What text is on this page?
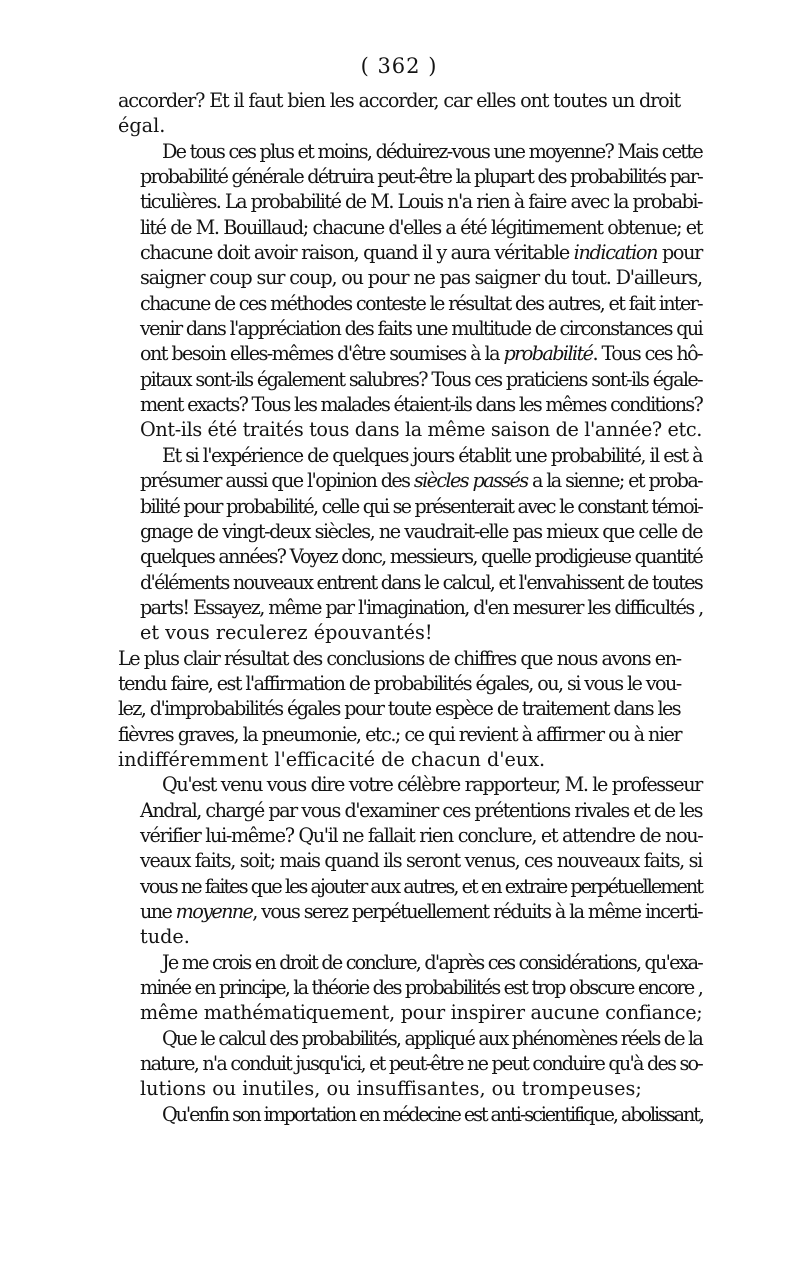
( 362 )
accorder? Et il faut bien les accorder, car elles ont toutes un droit
égal.
De tous ces plus et moins, déduirez-vous une moyenne? Mais cette
probabilité générale détruira peut-être la plupart des probabilités par-
ticulières. La probabilité de M. Louis n'a rien à faire avec la probabi-
lité de M. Bouillaud; chacune d'elles a été légitimement obtenue; et
chacune doit avoir raison, quand il y aura véritable indication pour
saigner coup sur coup, ou pour ne pas saigner du tout. D'ailleurs,
chacune de ces méthodes conteste le résultat des autres, et fait inter-
venir dans l'appréciation des faits une multitude de circonstances qui
ont besoin elles-mêmes d'être soumises à la probabilité. Tous ces hô-
pitaux sont-ils également salubres? Tous ces praticiens sont-ils égale-
ment exacts? Tous les malades étaient-ils dans les mêmes conditions?
Ont-ils été traités tous dans la même saison de l'année? etc.
Et si l'expérience de quelques jours établit une probabilité, il est à
présumer aussi que l'opinion des siècles passés a la sienne; et proba-
bilité pour probabilité, celle qui se présenterait avec le constant témoi-
gnage de vingt-deux siècles, ne vaudrait-elle pas mieux que celle de
quelques années? Voyez donc, messieurs, quelle prodigieuse quantité
d'éléments nouveaux entrent dans le calcul, et l'envahissent de toutes
parts! Essayez, même par l'imagination, d'en mesurer les difficultés ,
et vous reculerez épouvantés!
Le plus clair résultat des conclusions de chiffres que nous avons en-
tendu faire, est l'affirmation de probabilités égales, ou, si vous le vou-
lez, d'improbabilités égales pour toute espèce de traitement dans les
fièvres graves, la pneumonie, etc.; ce qui revient à affirmer ou à nier
indifféremment l'efficacité de chacun d'eux.
Qu'est venu vous dire votre célèbre rapporteur, M. le professeur
Andral, chargé par vous d'examiner ces prétentions rivales et de les
vérifier lui-même? Qu'il ne fallait rien conclure, et attendre de nou-
veaux faits, soit; mais quand ils seront venus, ces nouveaux faits, si
vous ne faites que les ajouter aux autres, et en extraire perpétuellement
une moyenne, vous serez perpétuellement réduits à la même incerti-
tude.
Je me crois en droit de conclure, d'après ces considérations, qu'exa-
minée en principe, la théorie des probabilités est trop obscure encore ,
même mathématiquement, pour inspirer aucune confiance;
Que le calcul des probabilités, appliqué aux phénomènes réels de la
nature, n'a conduit jusqu'ici, et peut-être ne peut conduire qu'à des so-
lutions ou inutiles, ou insuffisantes, ou trompeuses;
Qu'enfin son importation en médecine est anti-scientifique, abolissant,
